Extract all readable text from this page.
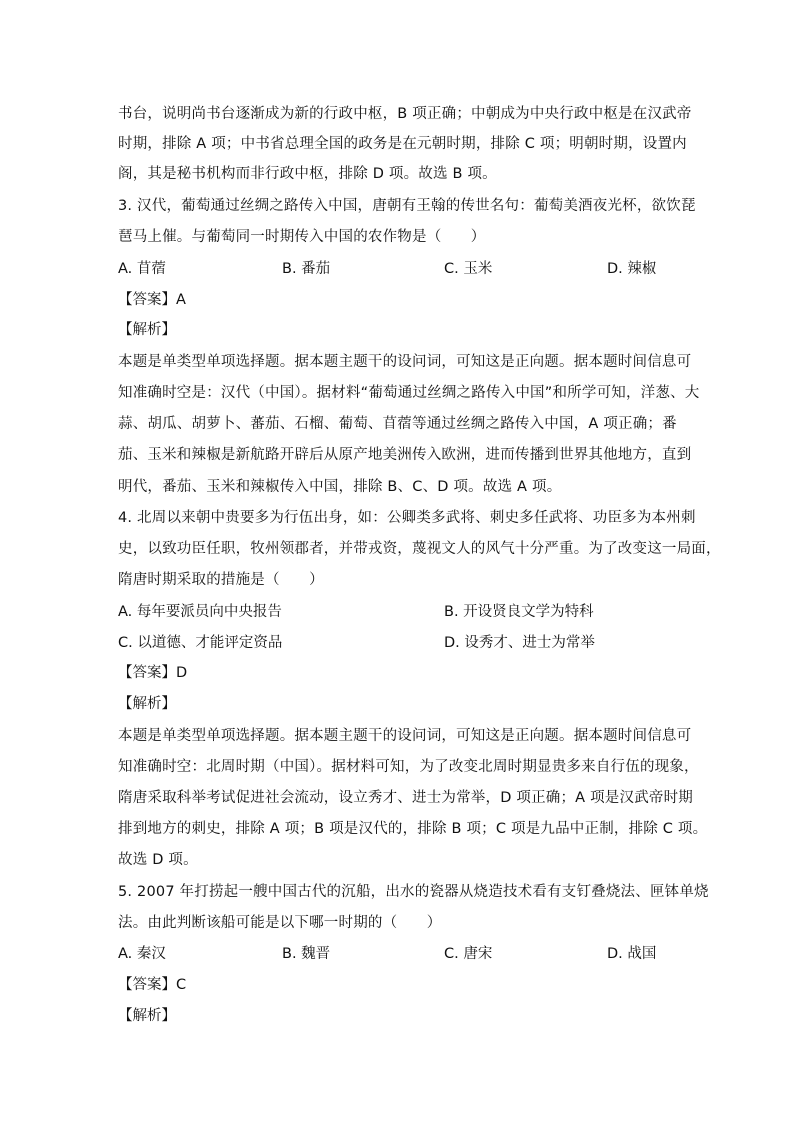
书台，说明尚书台逐渐成为新的行政中枢，B 项正确；中朝成为中央行政中枢是在汉武帝
时期，排除 A 项；中书省总理全国的政务是在元朝时期，排除 C 项；明朝时期，设置内
阁，其是秘书机构而非行政中枢，排除 D 项。故选 B 项。
3. 汉代，葡萄通过丝绸之路传入中国，唐朝有王翰的传世名句：葡萄美酒夜光杯，欲饮琵
琶马上催。与葡萄同一时期传入中国的农作物是（　　）
A. 苜蓿	B. 番茄	C. 玉米	D. 辣椒
【答案】A
【解析】
本题是单类型单项选择题。据本题主题干的设问词，可知这是正向题。据本题时间信息可
知准确时空是：汉代（中国）。据材料“葡萄通过丝绸之路传入中国”和所学可知，洋葱、大
蒜、胡瓜、胡萝卜、蕃茄、石榴、葡萄、苜蓿等通过丝绸之路传入中国，A 项正确；番
茄、玉米和辣椒是新航路开辟后从原产地美洲传入欧洲，进而传播到世界其他地方，直到
明代，番茄、玉米和辣椒传入中国，排除 B、C、D 项。故选 A 项。
4. 北周以来朝中贵要多为行伍出身，如：公卿类多武将、刺史多任武将、功臣多为本州刺
史，以致功臣任职，牧州领郡者，并带戎资，蔑视文人的风气十分严重。为了改变这一局面，
隋唐时期采取的措施是（　　）
A. 每年要派员向中央报告	B. 开设贤良文学为特科
C. 以道德、才能评定资品	D. 设秀才、进士为常举
【答案】D
【解析】
本题是单类型单项选择题。据本题主题干的设问词，可知这是正向题。据本题时间信息可
知准确时空：北周时期（中国）。据材料可知，为了改变北周时期显贵多来自行伍的现象，
隋唐采取科举考试促进社会流动，设立秀才、进士为常举，D 项正确；A 项是汉武帝时期
排到地方的刺史，排除 A 项；B 项是汉代的，排除 B 项；C 项是九品中正制，排除 C 项。
故选 D 项。
5. 2007 年打捞起一艘中国古代的沉船，出水的瓷器从烧造技术看有支钉叠烧法、匣钵单烧
法。由此判断该船可能是以下哪一时期的（　　）
A. 秦汉	B. 魏晋	C. 唐宋	D. 战国
【答案】C
【解析】
